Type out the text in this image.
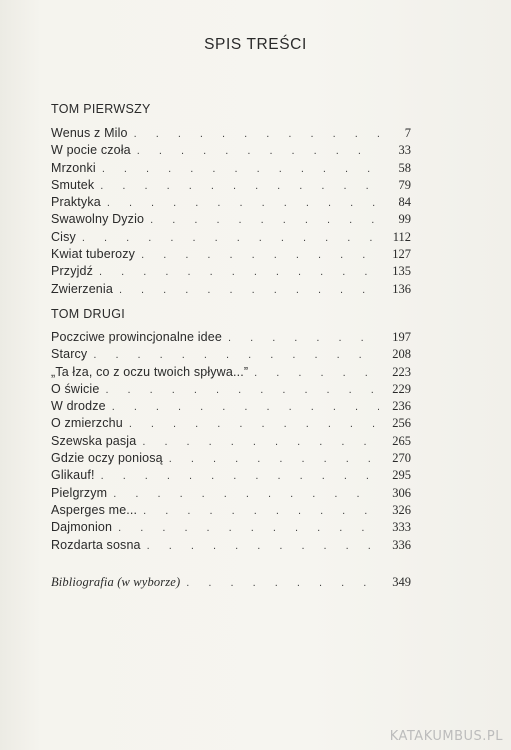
SPIS TREŚCI
TOM PIERWSZY
Wenus z Milo . . .	7
W pocie czoła . . .	33
Mrzonki . . .	58
Smutek . . .	79
Praktyka . . .	84
Swawolny Dyzio . . .	99
Cisy . . .	112
Kwiat tuberozy . . .	127
Przyjdź . . .	135
Zwierzenia . . .	136
TOM DRUGI
Poczciwe prowincjonalne idee . . .	197
Starcy . . .	208
„Ta łza, co z oczu twoich spływa...” . . .	223
O świcie . . .	229
W drodze . . .	236
O zmierzchu . . .	256
Szewska pasja . . .	265
Gdzie oczy poniosą . . .	270
Glikauf! . . .	295
Pielgrzym . . .	306
Asperges me... . . .	326
Dajmonion . . .	333
Rozdarta sosna . . .	336
Bibliografia (w wyborze) . . .	349
KATAKUMBUS.PL
